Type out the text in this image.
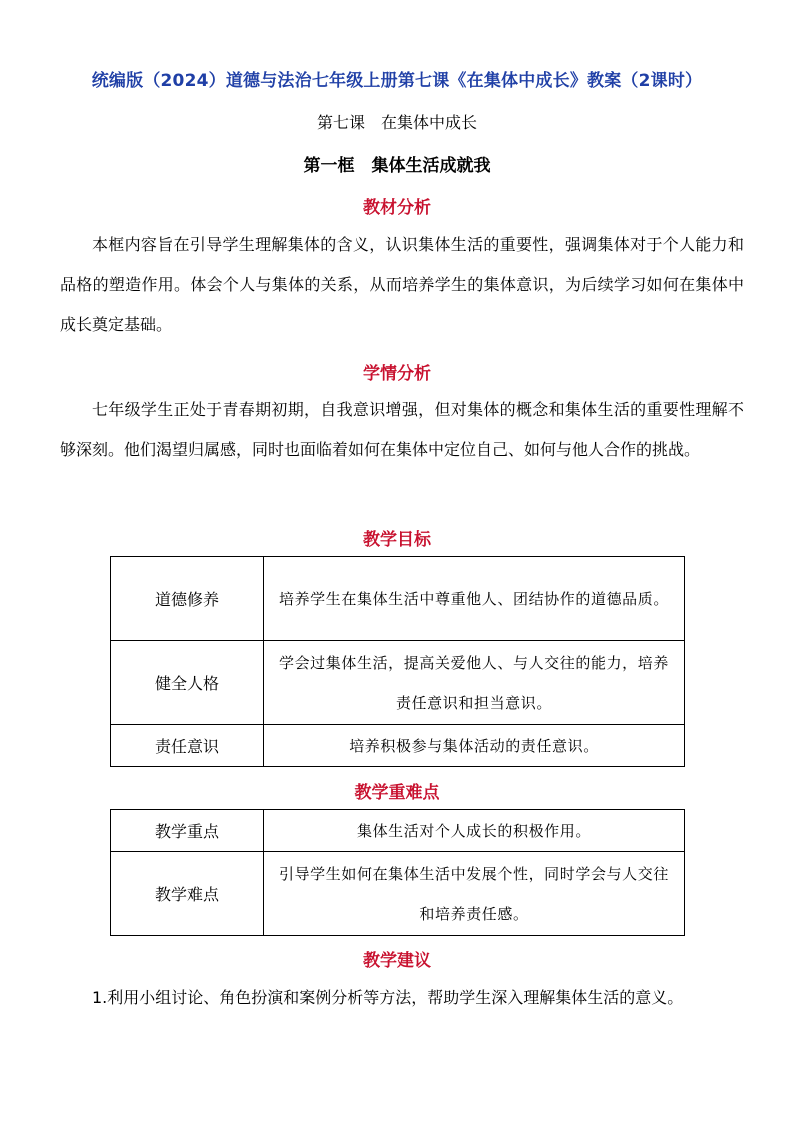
统编版（2024）道德与法治七年级上册第七课《在集体中成长》教案（2课时）
第七课　在集体中成长
第一框　集体生活成就我
教材分析

本框内容旨在引导学生理解集体的含义，认识集体生活的重要性，强调集体对于个人能力和品格的塑造作用。体会个人与集体的关系，从而培养学生的集体意识，为后续学习如何在集体中成长奠定基础。

学情分析

七年级学生正处于青春期初期，自我意识增强，但对集体的概念和集体生活的重要性理解不够深刻。他们渴望归属感，同时也面临着如何在集体中定位自己、如何与他人合作的挑战。

教学目标
道德修养	培养学生在集体生活中尊重他人、团结协作的道德品质。
健全人格	学会过集体生活，提高关爱他人、与人交往的能力，培养责任意识和担当意识。
责任意识	培养积极参与集体活动的责任意识。
教学重难点
教学重点	集体生活对个人成长的积极作用。
教学难点	引导学生如何在集体生活中发展个性，同时学会与人交往和培养责任感。
教学建议

1.利用小组讨论、角色扮演和案例分析等方法，帮助学生深入理解集体生活的意义。
